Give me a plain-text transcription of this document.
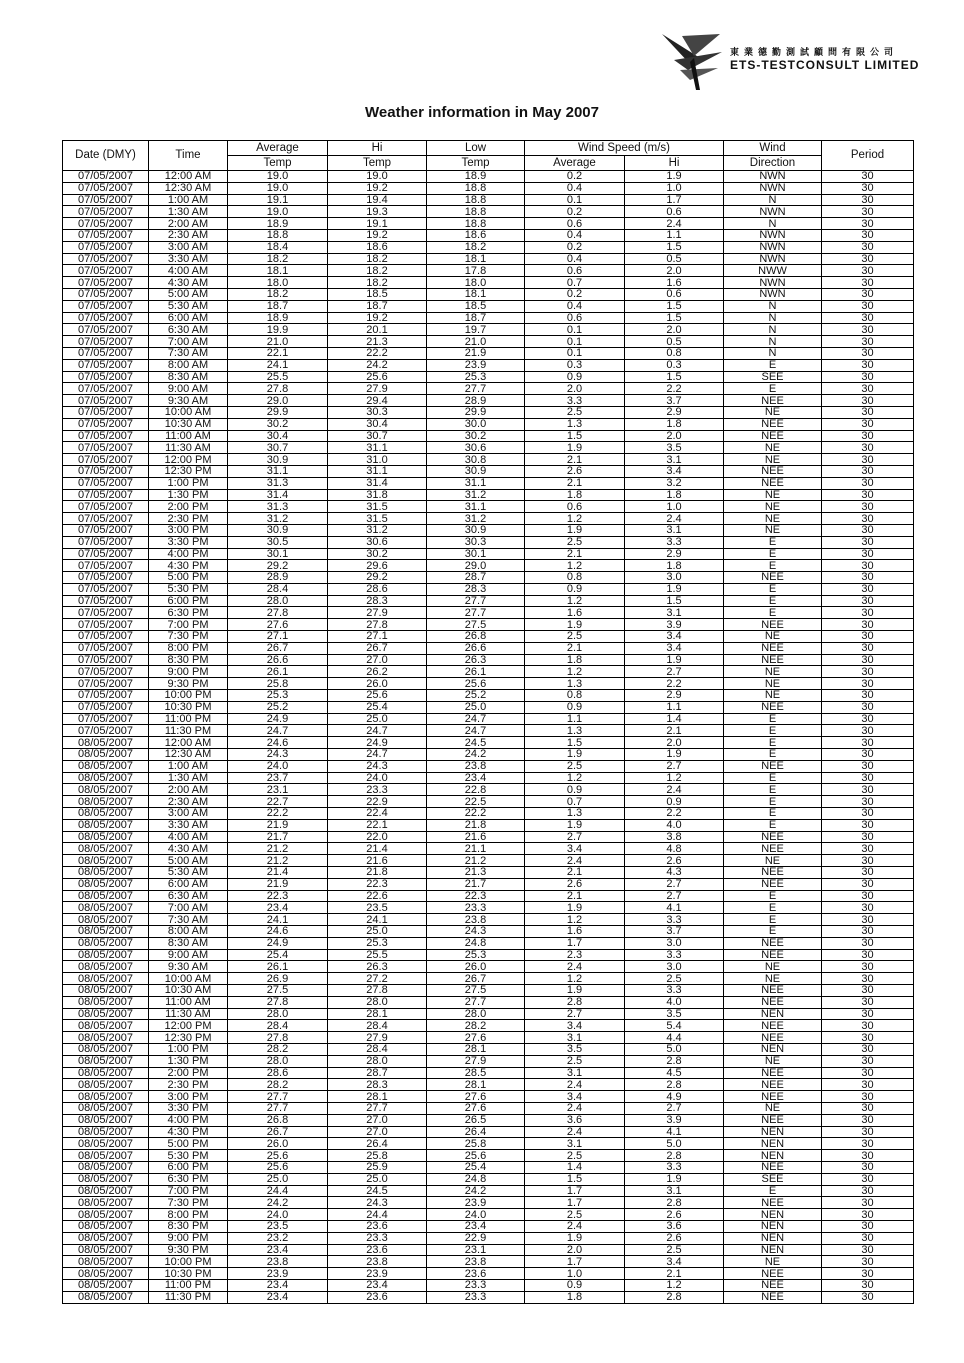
東業德勤測試顧問有限公司
ETS-TESTCONSULT LIMITED
Weather information in May 2007
Date (DMY)	Time	Average	Hi	Low	Wind Speed (m/s)		Wind	Period
		Temp	Temp	Temp	Average	Hi	Direction	
07/05/2007	12:00 AM	19.0	19.0	18.9	0.2	1.9	NWN	30
07/05/2007	12:30 AM	19.0	19.2	18.8	0.4	1.0	NWN	30
07/05/2007	1:00 AM	19.1	19.4	18.8	0.1	1.7	N	30
07/05/2007	1:30 AM	19.0	19.3	18.8	0.2	0.6	NWN	30
07/05/2007	2:00 AM	18.9	19.1	18.8	0.6	2.4	N	30
07/05/2007	2:30 AM	18.8	19.2	18.6	0.4	1.1	NWN	30
07/05/2007	3:00 AM	18.4	18.6	18.2	0.2	1.5	NWN	30
07/05/2007	3:30 AM	18.2	18.2	18.1	0.4	0.5	NWN	30
07/05/2007	4:00 AM	18.1	18.2	17.8	0.6	2.0	NWW	30
07/05/2007	4:30 AM	18.0	18.2	18.0	0.7	1.6	NWN	30
07/05/2007	5:00 AM	18.2	18.5	18.1	0.2	0.6	NWN	30
07/05/2007	5:30 AM	18.7	18.7	18.5	0.4	1.5	N	30
07/05/2007	6:00 AM	18.9	19.2	18.7	0.6	1.5	N	30
07/05/2007	6:30 AM	19.9	20.1	19.7	0.1	2.0	N	30
07/05/2007	7:00 AM	21.0	21.3	21.0	0.1	0.5	N	30
07/05/2007	7:30 AM	22.1	22.2	21.9	0.1	0.8	N	30
07/05/2007	8:00 AM	24.1	24.2	23.9	0.3	0.3	E	30
07/05/2007	8:30 AM	25.5	25.6	25.3	0.9	1.5	SEE	30
07/05/2007	9:00 AM	27.8	27.9	27.7	2.0	2.2	E	30
07/05/2007	9:30 AM	29.0	29.4	28.9	3.3	3.7	NEE	30
07/05/2007	10:00 AM	29.9	30.3	29.9	2.5	2.9	NE	30
07/05/2007	10:30 AM	30.2	30.4	30.0	1.3	1.8	NEE	30
07/05/2007	11:00 AM	30.4	30.7	30.2	1.5	2.0	NEE	30
07/05/2007	11:30 AM	30.7	31.1	30.6	1.9	3.5	NE	30
07/05/2007	12:00 PM	30.9	31.0	30.8	2.1	3.1	NE	30
07/05/2007	12:30 PM	31.1	31.1	30.9	2.6	3.4	NEE	30
07/05/2007	1:00 PM	31.3	31.4	31.1	2.1	3.2	NEE	30
07/05/2007	1:30 PM	31.4	31.8	31.2	1.8	1.8	NE	30
07/05/2007	2:00 PM	31.3	31.5	31.1	0.6	1.0	NE	30
07/05/2007	2:30 PM	31.2	31.5	31.2	1.2	2.4	NE	30
07/05/2007	3:00 PM	30.9	31.2	30.9	1.9	3.1	NE	30
07/05/2007	3:30 PM	30.5	30.6	30.3	2.5	3.3	E	30
07/05/2007	4:00 PM	30.1	30.2	30.1	2.1	2.9	E	30
07/05/2007	4:30 PM	29.2	29.6	29.0	1.2	1.8	E	30
07/05/2007	5:00 PM	28.9	29.2	28.7	0.8	3.0	NEE	30
07/05/2007	5:30 PM	28.4	28.6	28.3	0.9	1.9	E	30
07/05/2007	6:00 PM	28.0	28.3	27.7	1.2	1.5	E	30
07/05/2007	6:30 PM	27.8	27.9	27.7	1.6	3.1	E	30
07/05/2007	7:00 PM	27.6	27.8	27.5	1.9	3.9	NEE	30
07/05/2007	7:30 PM	27.1	27.1	26.8	2.5	3.4	NE	30
07/05/2007	8:00 PM	26.7	26.7	26.6	2.1	3.4	NEE	30
07/05/2007	8:30 PM	26.6	27.0	26.3	1.8	1.9	NEE	30
07/05/2007	9:00 PM	26.1	26.2	26.1	1.2	2.7	NE	30
07/05/2007	9:30 PM	25.8	26.0	25.6	1.3	2.2	NE	30
07/05/2007	10:00 PM	25.3	25.6	25.2	0.8	2.9	NE	30
07/05/2007	10:30 PM	25.2	25.4	25.0	0.9	1.1	NEE	30
07/05/2007	11:00 PM	24.9	25.0	24.7	1.1	1.4	E	30
07/05/2007	11:30 PM	24.7	24.7	24.7	1.3	2.1	E	30
08/05/2007	12:00 AM	24.6	24.9	24.5	1.5	2.0	E	30
08/05/2007	12:30 AM	24.3	24.7	24.2	1.9	1.9	E	30
08/05/2007	1:00 AM	24.0	24.3	23.8	2.5	2.7	NEE	30
08/05/2007	1:30 AM	23.7	24.0	23.4	1.2	1.2	E	30
08/05/2007	2:00 AM	23.1	23.3	22.8	0.9	2.4	E	30
08/05/2007	2:30 AM	22.7	22.9	22.5	0.7	0.9	E	30
08/05/2007	3:00 AM	22.2	22.4	22.2	1.3	2.2	E	30
08/05/2007	3:30 AM	21.9	22.1	21.8	1.9	4.0	E	30
08/05/2007	4:00 AM	21.7	22.0	21.6	2.7	3.8	NEE	30
08/05/2007	4:30 AM	21.2	21.4	21.1	3.4	4.8	NEE	30
08/05/2007	5:00 AM	21.2	21.6	21.2	2.4	2.6	NE	30
08/05/2007	5:30 AM	21.4	21.8	21.3	2.1	4.3	NEE	30
08/05/2007	6:00 AM	21.9	22.3	21.7	2.6	2.7	NEE	30
08/05/2007	6:30 AM	22.3	22.6	22.3	2.1	2.7	E	30
08/05/2007	7:00 AM	23.4	23.5	23.3	1.9	4.1	E	30
08/05/2007	7:30 AM	24.1	24.1	23.8	1.2	3.3	E	30
08/05/2007	8:00 AM	24.6	25.0	24.3	1.6	3.7	E	30
08/05/2007	8:30 AM	24.9	25.3	24.8	1.7	3.0	NEE	30
08/05/2007	9:00 AM	25.4	25.5	25.3	2.3	3.3	NEE	30
08/05/2007	9:30 AM	26.1	26.3	26.0	2.4	3.0	NE	30
08/05/2007	10:00 AM	26.9	27.2	26.7	1.2	2.5	NE	30
08/05/2007	10:30 AM	27.5	27.8	27.5	1.9	3.3	NEE	30
08/05/2007	11:00 AM	27.8	28.0	27.7	2.8	4.0	NEE	30
08/05/2007	11:30 AM	28.0	28.1	28.0	2.7	3.5	NEN	30
08/05/2007	12:00 PM	28.4	28.4	28.2	3.4	5.4	NEE	30
08/05/2007	12:30 PM	27.8	27.9	27.6	3.1	4.4	NEE	30
08/05/2007	1:00 PM	28.2	28.4	28.1	3.5	5.0	NEN	30
08/05/2007	1:30 PM	28.0	28.0	27.9	2.5	2.8	NE	30
08/05/2007	2:00 PM	28.6	28.7	28.5	3.1	4.5	NEE	30
08/05/2007	2:30 PM	28.2	28.3	28.1	2.4	2.8	NEE	30
08/05/2007	3:00 PM	27.7	28.1	27.6	3.4	4.9	NEE	30
08/05/2007	3:30 PM	27.7	27.7	27.6	2.4	2.7	NE	30
08/05/2007	4:00 PM	26.8	27.0	26.5	3.6	3.9	NEE	30
08/05/2007	4:30 PM	26.7	27.0	26.4	2.4	4.1	NEN	30
08/05/2007	5:00 PM	26.0	26.4	25.8	3.1	5.0	NEN	30
08/05/2007	5:30 PM	25.6	25.8	25.6	2.5	2.8	NEN	30
08/05/2007	6:00 PM	25.6	25.9	25.4	1.4	3.3	NEE	30
08/05/2007	6:30 PM	25.0	25.0	24.8	1.5	1.9	SEE	30
08/05/2007	7:00 PM	24.4	24.5	24.2	1.7	3.1	E	30
08/05/2007	7:30 PM	24.2	24.3	23.9	1.7	2.8	NEE	30
08/05/2007	8:00 PM	24.0	24.4	24.0	2.5	2.6	NEN	30
08/05/2007	8:30 PM	23.5	23.6	23.4	2.4	3.6	NEN	30
08/05/2007	9:00 PM	23.2	23.3	22.9	1.9	2.6	NEN	30
08/05/2007	9:30 PM	23.4	23.6	23.1	2.0	2.5	NEN	30
08/05/2007	10:00 PM	23.8	23.8	23.8	1.7	3.4	NE	30
08/05/2007	10:30 PM	23.9	23.9	23.6	1.0	2.1	NEE	30
08/05/2007	11:00 PM	23.4	23.4	23.3	0.9	1.2	NEE	30
08/05/2007	11:30 PM	23.4	23.6	23.3	1.8	2.8	NEE	30
